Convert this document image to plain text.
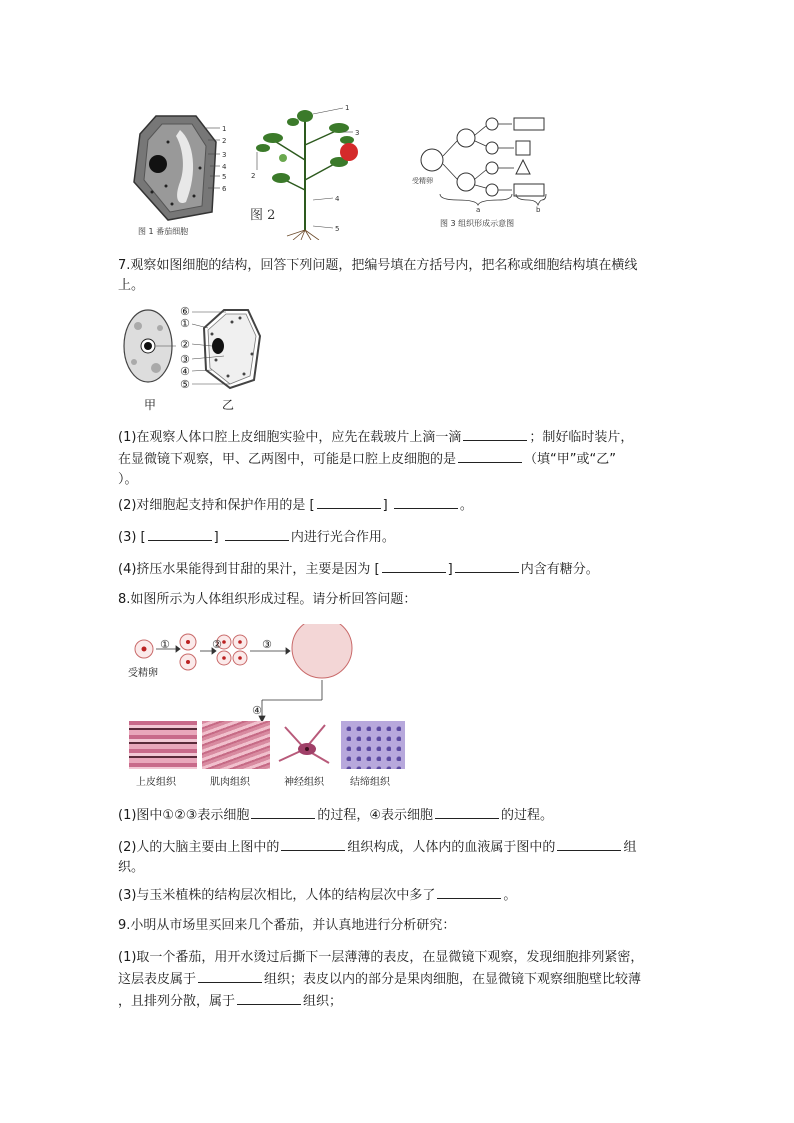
1
2
3
4
5
6
图 1 番茄细胞
1
3
2
4
5
图 2
受精卵
a	b
图 3 组织形成示意图
7.观察如图细胞的结构，回答下列问题，把编号填在方括号内，把名称或细胞结构填在横线
上。
⑥
①
②
③
④
⑤
甲	乙
(1)在观察人体口腔上皮细胞实验中，应先在载玻片上滴一滴	；制好临时装片，
在显微镜下观察，甲、乙两图中，可能是口腔上皮细胞的是	（填“甲”或“乙”
）。
(2)对细胞起支持和保护作用的是 [	]	。
(3) [	]	内进行光合作用。
(4)挤压水果能得到甘甜的果汁，主要是因为 [	]	内含有糖分。
8.如图所示为人体组织形成过程。请分析回答问题：
①	②	③
④
受精卵
上皮组织	肌肉组织	神经组织	结缔组织
(1)图中①②③表示细胞	的过程，④表示细胞	的过程。
(2)人的大脑主要由上图中的	组织构成，人体内的血液属于图中的	组
织。
(3)与玉米植株的结构层次相比，人体的结构层次中多了	。
9.小明从市场里买回来几个番茄，并认真地进行分析研究：
(1)取一个番茄，用开水烫过后撕下一层薄薄的表皮，在显微镜下观察，发现细胞排列紧密，
这层表皮属于	组织；表皮以内的部分是果肉细胞，在显微镜下观察细胞壁比较薄
，且排列分散，属于	组织；
